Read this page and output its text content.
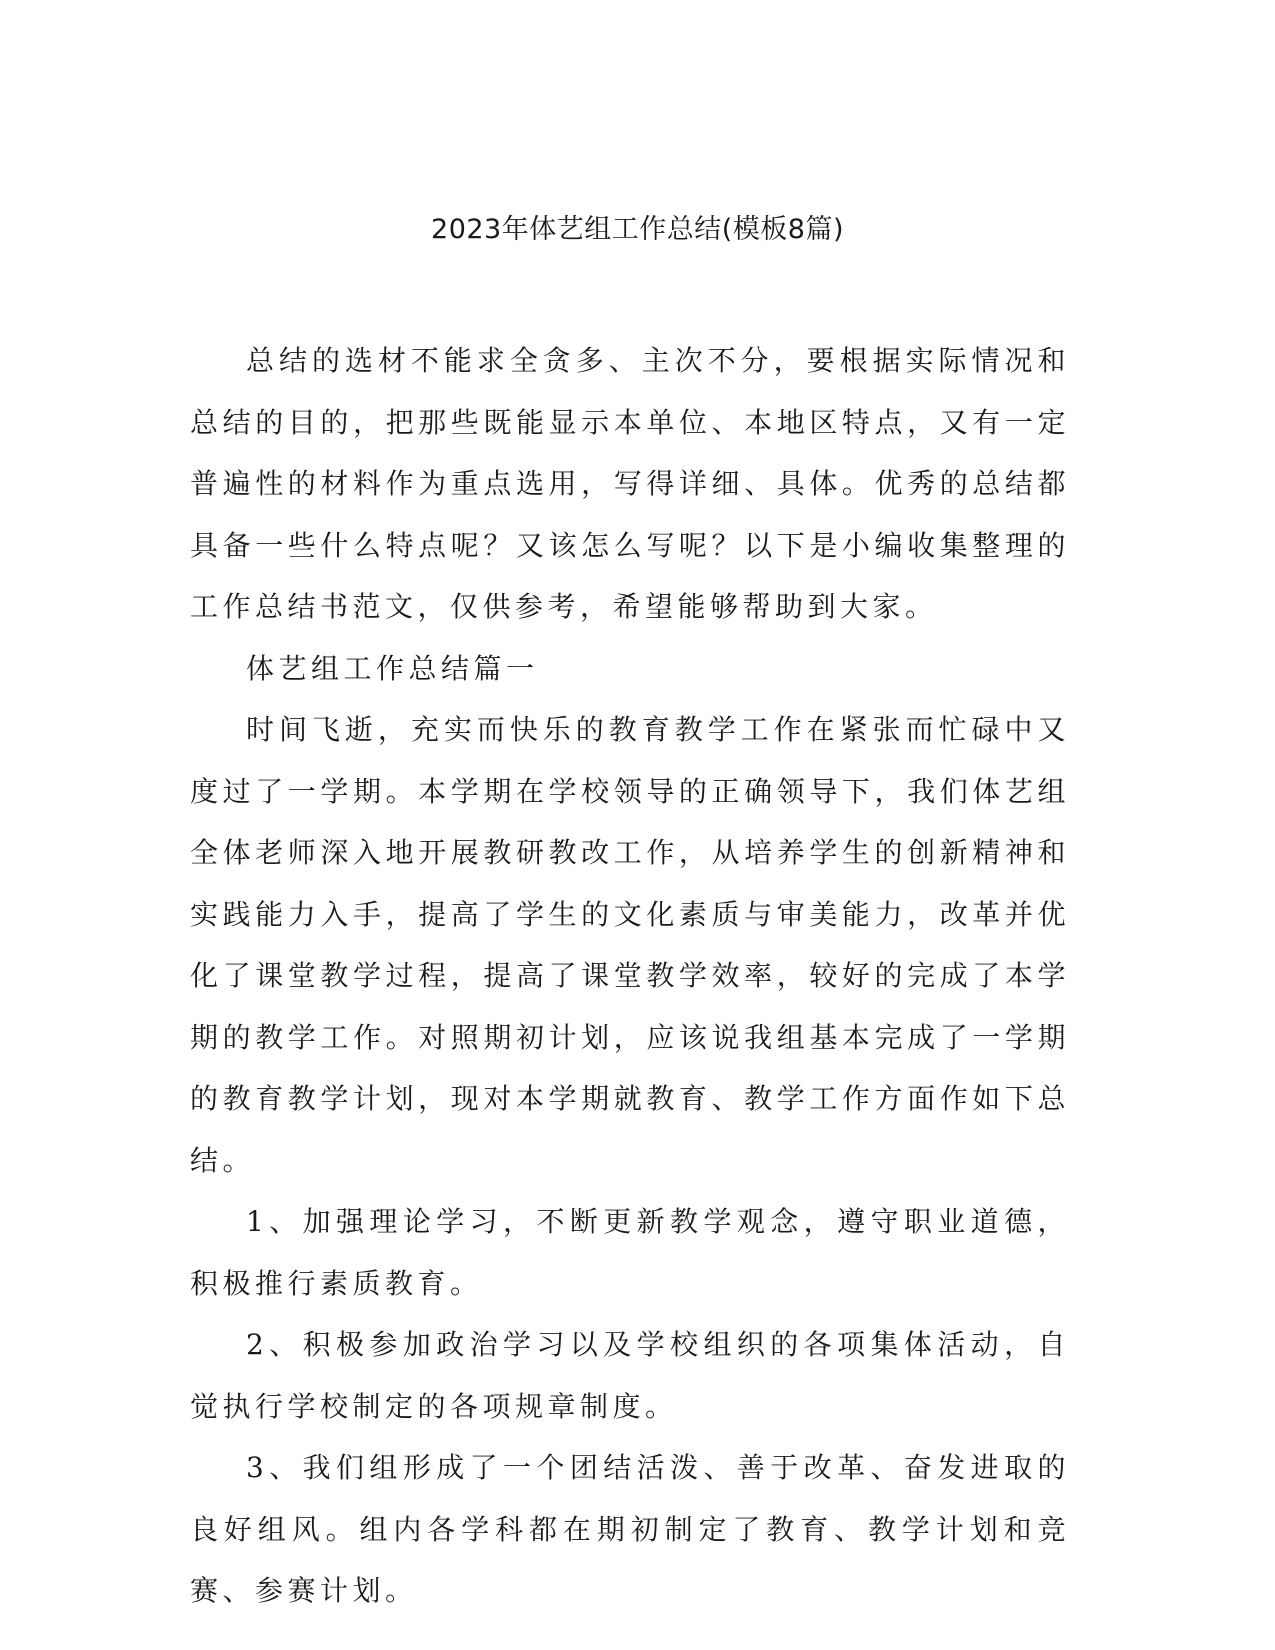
2023年体艺组工作总结(模板8篇)

总结的选材不能求全贪多、主次不分，要根据实际情况和总结的目的，把那些既能显示本单位、本地区特点，又有一定普遍性的材料作为重点选用，写得详细、具体。优秀的总结都具备一些什么特点呢？又该怎么写呢？以下是小编收集整理的工作总结书范文，仅供参考，希望能够帮助到大家。

体艺组工作总结篇一

时间飞逝，充实而快乐的教育教学工作在紧张而忙碌中又度过了一学期。本学期在学校领导的正确领导下，我们体艺组全体老师深入地开展教研教改工作，从培养学生的创新精神和实践能力入手，提高了学生的文化素质与审美能力，改革并优化了课堂教学过程，提高了课堂教学效率，较好的完成了本学期的教学工作。对照期初计划，应该说我组基本完成了一学期的教育教学计划，现对本学期就教育、教学工作方面作如下总结。

1、加强理论学习，不断更新教学观念，遵守职业道德，积极推行素质教育。

2、积极参加政治学习以及学校组织的各项集体活动，自觉执行学校制定的各项规章制度。

3、我们组形成了一个团结活泼、善于改革、奋发进取的良好组风。组内各学科都在期初制定了教育、教学计划和竞赛、参赛计划。
